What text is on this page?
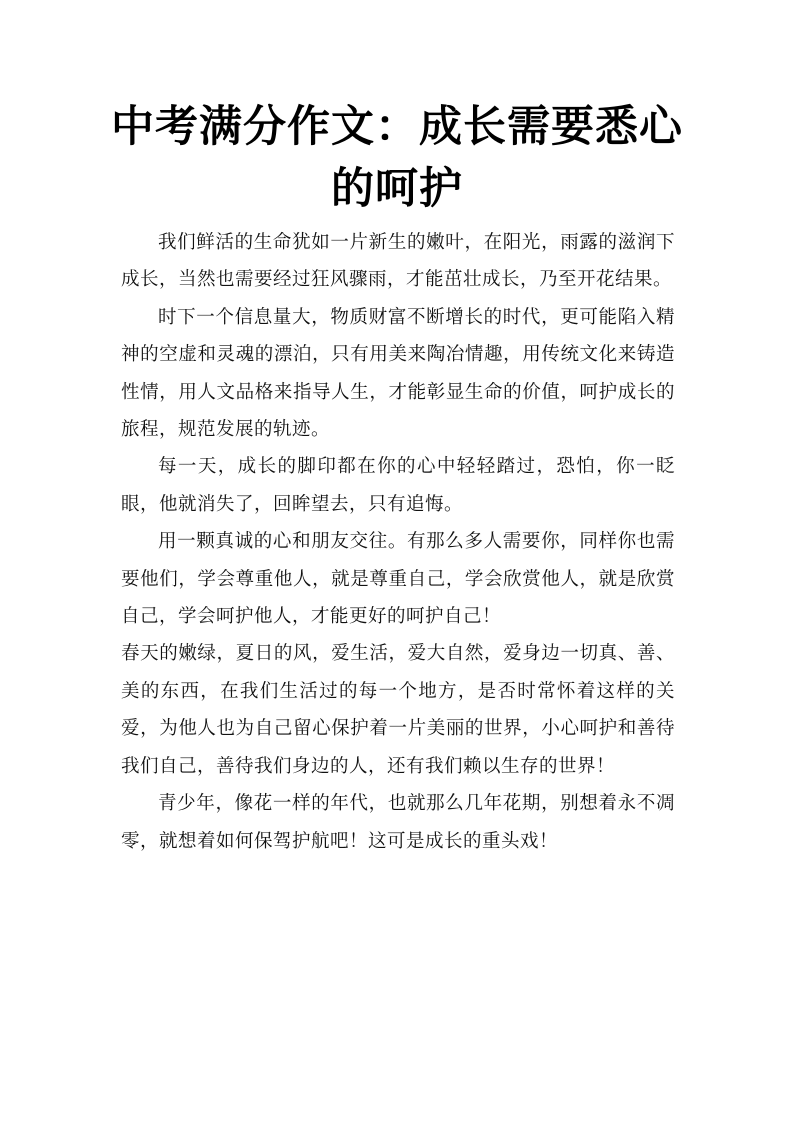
中考满分作文：成长需要悉心的呵护

我们鲜活的生命犹如一片新生的嫩叶，在阳光，雨露的滋润下成长，当然也需要经过狂风骤雨，才能茁壮成长，乃至开花结果。

时下一个信息量大，物质财富不断增长的时代，更可能陷入精神的空虚和灵魂的漂泊，只有用美来陶冶情趣，用传统文化来铸造性情，用人文品格来指导人生，才能彰显生命的价值，呵护成长的旅程，规范发展的轨迹。

每一天，成长的脚印都在你的心中轻轻踏过，恐怕，你一眨眼，他就消失了，回眸望去，只有追悔。

用一颗真诚的心和朋友交往。有那么多人需要你，同样你也需要他们，学会尊重他人，就是尊重自己，学会欣赏他人，就是欣赏自己，学会呵护他人，才能更好的呵护自己！

春天的嫩绿，夏日的风，爱生活，爱大自然，爱身边一切真、善、美的东西，在我们生活过的每一个地方，是否时常怀着这样的关爱，为他人也为自己留心保护着一片美丽的世界，小心呵护和善待我们自己，善待我们身边的人，还有我们赖以生存的世界！

青少年，像花一样的年代，也就那么几年花期，别想着永不凋零，就想着如何保驾护航吧！这可是成长的重头戏！
